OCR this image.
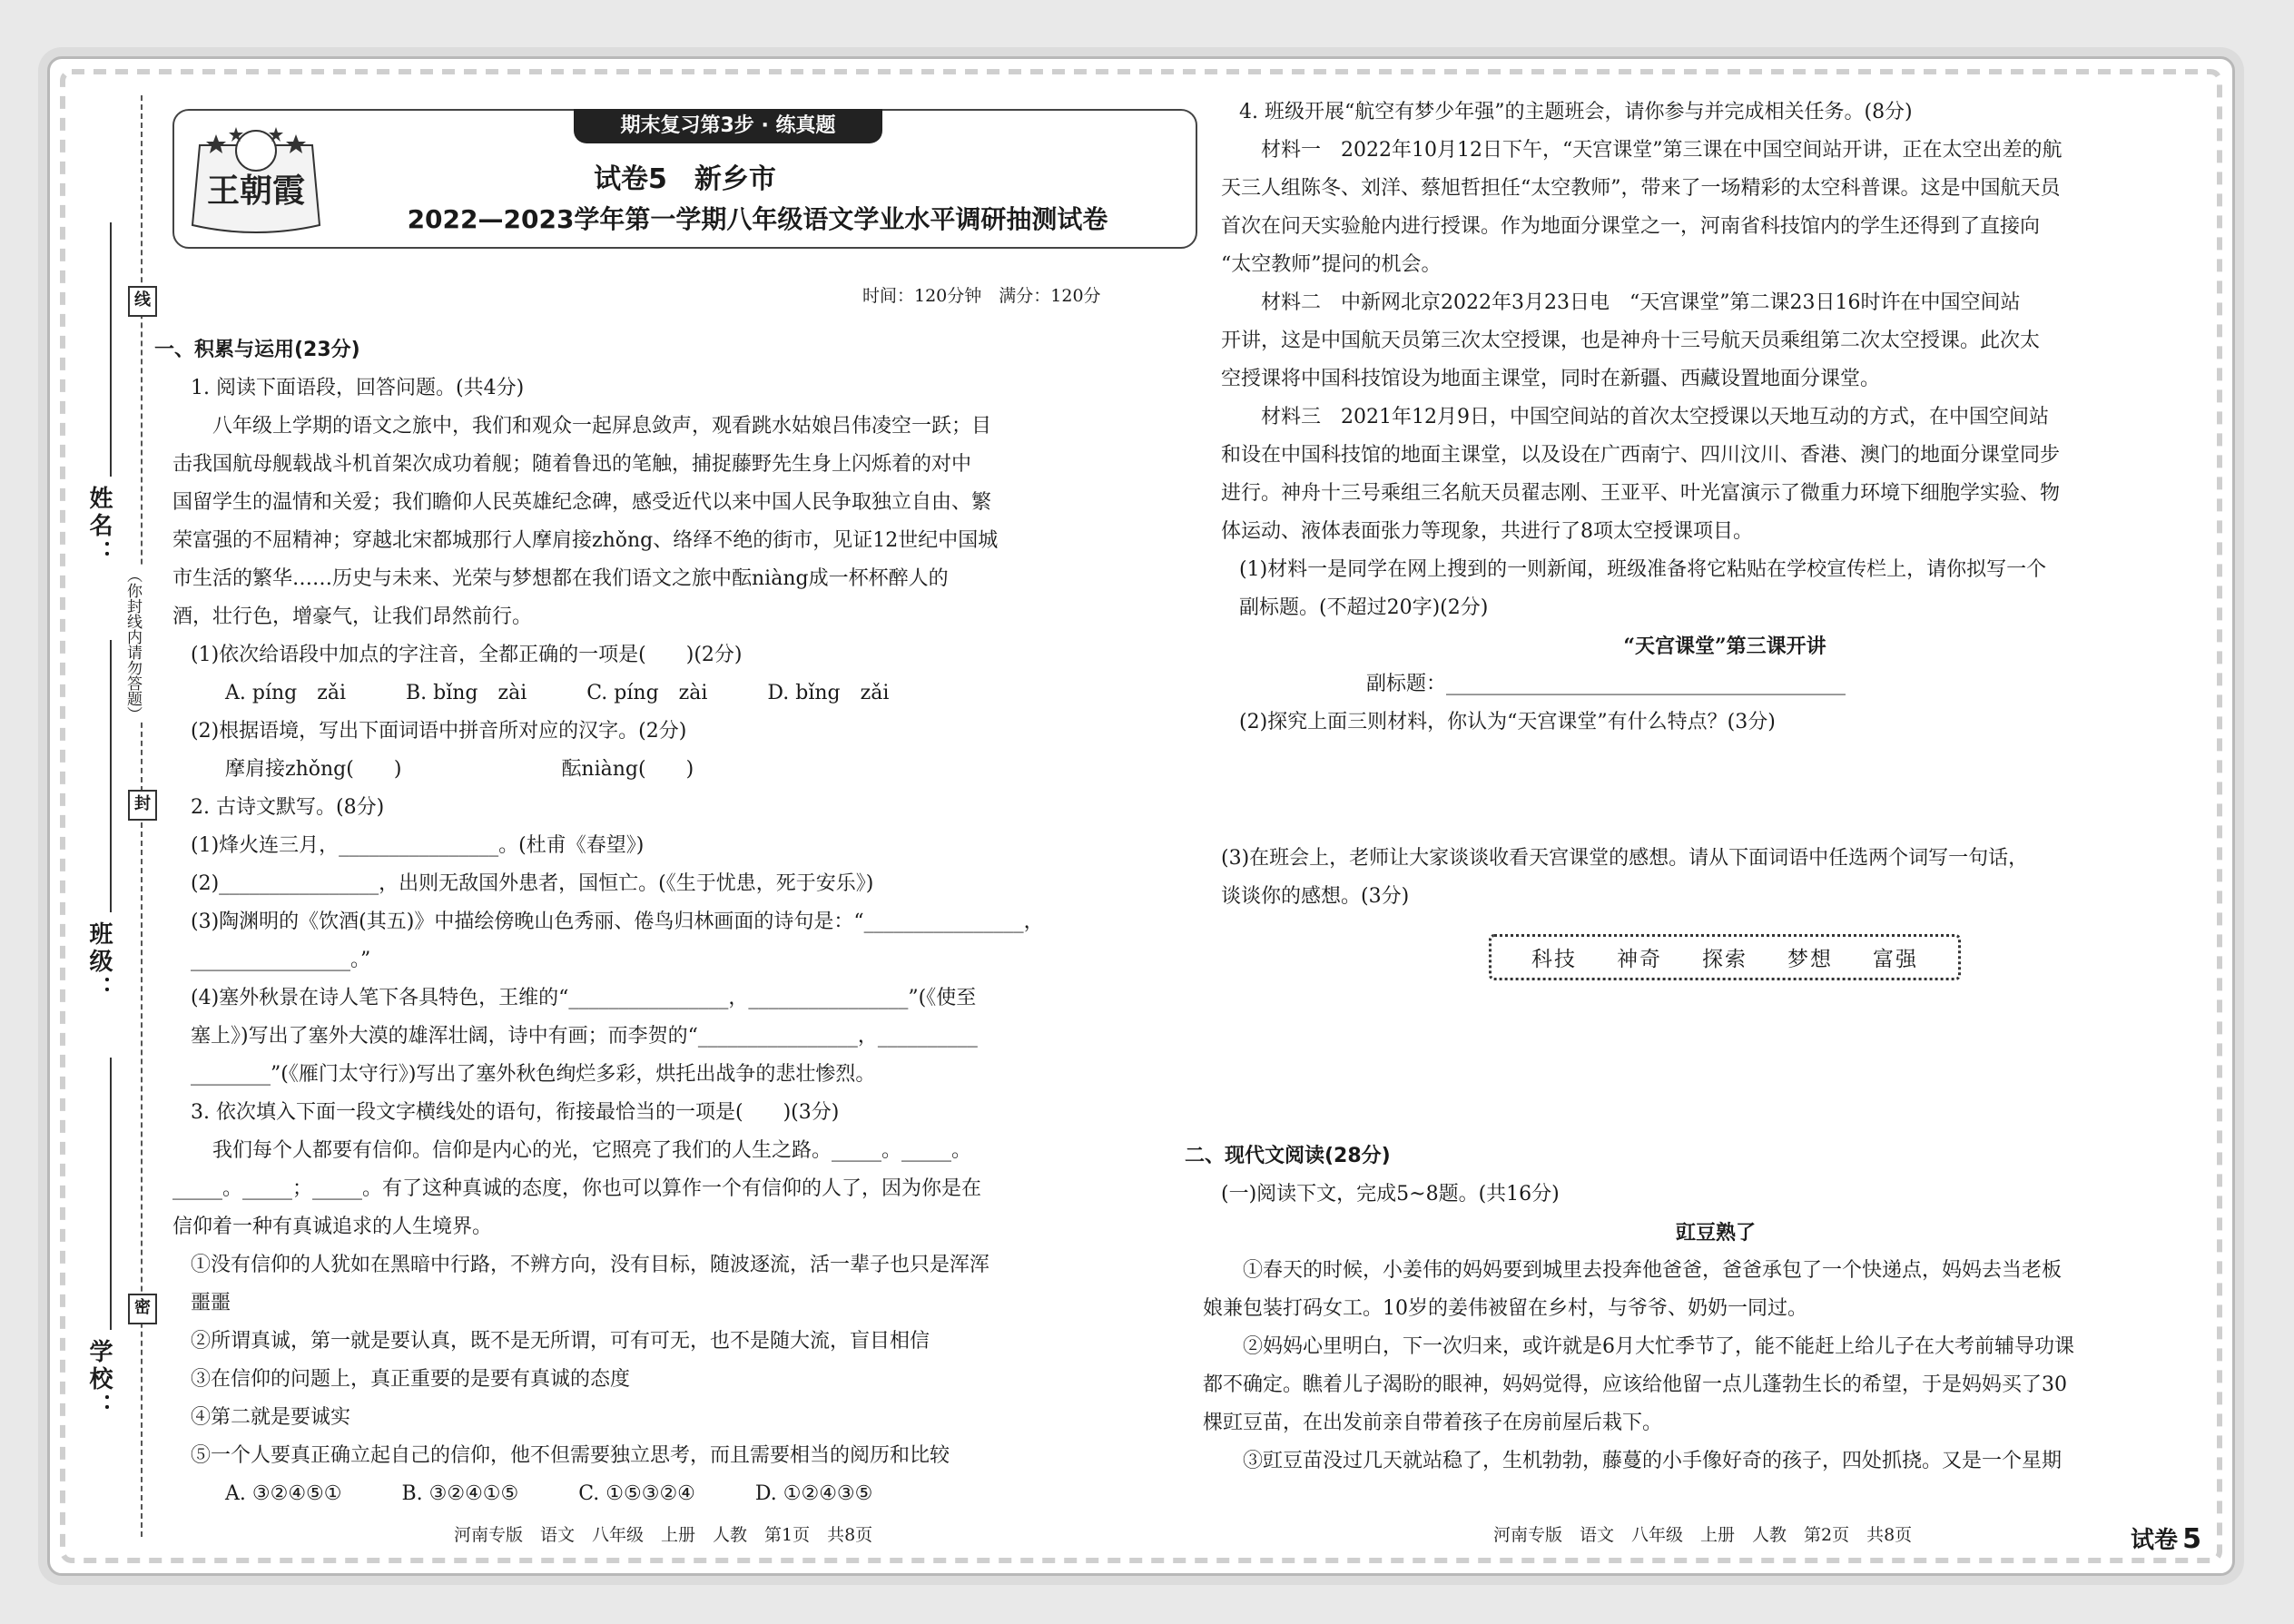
线
封
密
（你封线内请勿答题）
姓名：
班级：
学校：
期末复习第3步 · 练真题
王朝霞	试卷5　新乡市
2022—2023学年第一学期八年级语文学业水平调研抽测试卷
时间：120分钟　满分：120分
一、积累与运用(23分)
1. 阅读下面语段，回答问题。(共4分)
八年级上学期的语文之旅中，我们和观众一起屏息敛声，观看跳水姑娘吕伟凌空一跃；目
击我国航母舰载战斗机首架次成功着舰；随着鲁迅的笔触，捕捉藤野先生身上闪烁着的对中
国留学生的温情和关爱；我们瞻仰人民英雄纪念碑，感受近代以来中国人民争取独立自由、繁
荣富强的不屈精神；穿越北宋都城那行人摩肩接zhǒng、络绎不绝的街市，见证12世纪中国城
市生活的繁华……历史与未来、光荣与梦想都在我们语文之旅中酝niàng成一杯杯醉人的
酒，壮行色，增豪气，让我们昂然前行。
(1)依次给语段中加点的字注音，全都正确的一项是(　　)(2分)
A. píng　zǎi　　　B. bǐng　zài　　　C. píng　zài　　　D. bǐng　zǎi
(2)根据语境，写出下面词语中拼音所对应的汉字。(2分)
摩肩接zhǒng(　　)　　　　　　　　酝niàng(　　)
2. 古诗文默写。(8分)
(1)烽火连三月，________________。(杜甫《春望》)
(2)________________，出则无敌国外患者，国恒亡。(《生于忧患，死于安乐》)
(3)陶渊明的《饮酒(其五)》中描绘傍晚山色秀丽、倦鸟归林画面的诗句是：“________________，
________________。”
(4)塞外秋景在诗人笔下各具特色，王维的“________________，________________”(《使至
塞上》)写出了塞外大漠的雄浑壮阔，诗中有画；而李贺的“________________，__________
________”(《雁门太守行》)写出了塞外秋色绚烂多彩，烘托出战争的悲壮惨烈。
3. 依次填入下面一段文字横线处的语句，衔接最恰当的一项是(　　)(3分)
我们每个人都要有信仰。信仰是内心的光，它照亮了我们的人生之路。_____。_____。
_____。_____；_____。有了这种真诚的态度，你也可以算作一个有信仰的人了，因为你是在
信仰着一种有真诚追求的人生境界。
①没有信仰的人犹如在黑暗中行路，不辨方向，没有目标，随波逐流，活一辈子也只是浑浑
噩噩
②所谓真诚，第一就是要认真，既不是无所谓，可有可无，也不是随大流，盲目相信
③在信仰的问题上，真正重要的是要有真诚的态度
④第二就是要诚实
⑤一个人要真正确立起自己的信仰，他不但需要独立思考，而且需要相当的阅历和比较
A. ③②④⑤①　　　B. ③②④①⑤　　　C. ①⑤③②④　　　D. ①②④③⑤
河南专版　语文　八年级　上册　人教　第1页　共8页
4. 班级开展“航空有梦少年强”的主题班会，请你参与并完成相关任务。(8分)
材料一　2022年10月12日下午，“天宫课堂”第三课在中国空间站开讲，正在太空出差的航
天三人组陈冬、刘洋、蔡旭哲担任“太空教师”，带来了一场精彩的太空科普课。这是中国航天员
首次在问天实验舱内进行授课。作为地面分课堂之一，河南省科技馆内的学生还得到了直接向
“太空教师”提问的机会。
材料二　中新网北京2022年3月23日电　“天宫课堂”第二课23日16时许在中国空间站
开讲，这是中国航天员第三次太空授课，也是神舟十三号航天员乘组第二次太空授课。此次太
空授课将中国科技馆设为地面主课堂，同时在新疆、西藏设置地面分课堂。
材料三　2021年12月9日，中国空间站的首次太空授课以天地互动的方式，在中国空间站
和设在中国科技馆的地面主课堂，以及设在广西南宁、四川汶川、香港、澳门的地面分课堂同步
进行。神舟十三号乘组三名航天员翟志刚、王亚平、叶光富演示了微重力环境下细胞学实验、物
体运动、液体表面张力等现象，共进行了8项太空授课项目。
(1)材料一是同学在网上搜到的一则新闻，班级准备将它粘贴在学校宣传栏上，请你拟写一个
副标题。(不超过20字)(2分)
“天宫课堂”第三课开讲
副标题：________________________________________
(2)探究上面三则材料，你认为“天宫课堂”有什么特点？(3分)
(3)在班会上，老师让大家谈谈收看天宫课堂的感想。请从下面词语中任选两个词写一句话，
谈谈你的感想。(3分)
科技 神奇 探索 梦想 富强
二、现代文阅读(28分)
(一)阅读下文，完成5~8题。(共16分)
豇豆熟了
①春天的时候，小姜伟的妈妈要到城里去投奔他爸爸，爸爸承包了一个快递点，妈妈去当老板
娘兼包装打码女工。10岁的姜伟被留在乡村，与爷爷、奶奶一同过。
②妈妈心里明白，下一次归来，或许就是6月大忙季节了，能不能赶上给儿子在大考前辅导功课
都不确定。瞧着儿子渴盼的眼神，妈妈觉得，应该给他留一点儿蓬勃生长的希望，于是妈妈买了30
棵豇豆苗，在出发前亲自带着孩子在房前屋后栽下。
③豇豆苗没过几天就站稳了，生机勃勃，藤蔓的小手像好奇的孩子，四处抓挠。又是一个星期
河南专版　语文　八年级　上册　人教　第2页　共8页	试卷 5
